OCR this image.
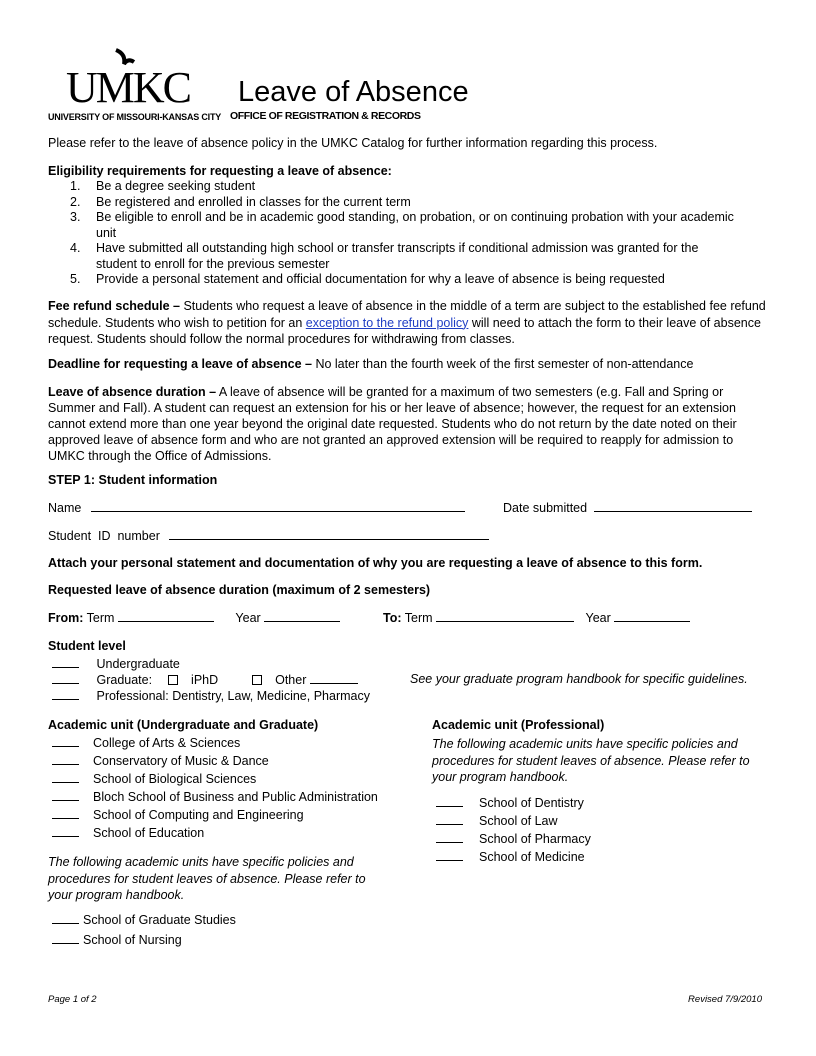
UMKC
UNIVERSITY OF MISSOURI-KANSAS CITY
Leave of Absence
OFFICE OF REGISTRATION & RECORDS
Please refer to the leave of absence policy in the UMKC Catalog for further information regarding this process.
Eligibility requirements for requesting a leave of absence:
1. Be a degree seeking student
2. Be registered and enrolled in classes for the current term
3. Be eligible to enroll and be in academic good standing, on probation, or on continuing probation with your academic unit
4. Have submitted all outstanding high school or transfer transcripts if conditional admission was granted for the student to enroll for the previous semester
5. Provide a personal statement and official documentation for why a leave of absence is being requested
Fee refund schedule – Students who request a leave of absence in the middle of a term are subject to the established fee refund schedule. Students who wish to petition for an exception to the refund policy will need to attach the form to their leave of absence request. Students should follow the normal procedures for withdrawing from classes.
Deadline for requesting a leave of absence – No later than the fourth week of the first semester of non-attendance
Leave of absence duration – A leave of absence will be granted for a maximum of two semesters (e.g. Fall and Spring or Summer and Fall). A student can request an extension for his or her leave of absence; however, the request for an extension cannot extend more than one year beyond the original date requested. Students who do not return by the date noted on their approved leave of absence form and who are not granted an approved extension will be required to reapply for admission to UMKC through the Office of Admissions.
STEP 1: Student information
Name	Date submitted
Student  ID  number
Attach your personal statement and documentation of why you are requesting a leave of absence to this form.
Requested leave of absence duration (maximum of 2 semesters)
From: Term	Year	To: Term	Year
Student level
Undergraduate
Graduate:	iPhD	Other	See your graduate program handbook for specific guidelines.
Professional: Dentistry, Law, Medicine, Pharmacy
Academic unit (Undergraduate and Graduate)
College of Arts & Sciences
Conservatory of Music & Dance
School of Biological Sciences
Bloch School of Business and Public Administration
School of Computing and Engineering
School of Education
The following academic units have specific policies and procedures for student leaves of absence. Please refer to your program handbook.
School of Graduate Studies
School of Nursing
Academic unit (Professional)
The following academic units have specific policies and procedures for student leaves of absence. Please refer to your program handbook.
School of Dentistry
School of Law
School of Pharmacy
School of Medicine
Page 1 of 2	Revised 7/9/2010
